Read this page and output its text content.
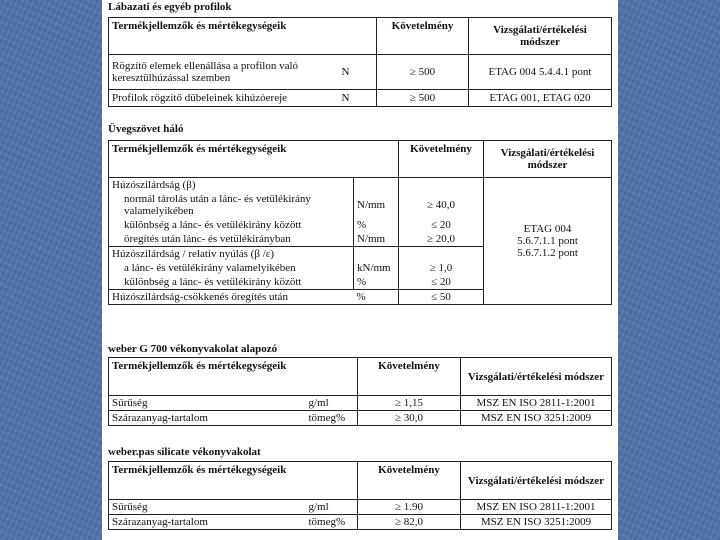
Lábazati és egyéb profilok
Termékjellemzők és mértékegységeik		Követelmény	Vizsgálati/értékelési módszer
Rögzítő elemek ellenállása a profilon való keresztülhúzással szemben	N	≥ 500	ETAG 004 5.4.4.1 pont
Profilok rögzítő dübeleinek kihúzóereje	N	≥ 500	ETAG 001, ETAG 020
Üvegszövet háló
Termékjellemzők és mértékegységeik		Követelmény	Vizsgálati/értékelési módszer
Húzószilárdság (β)			ETAG 004
5.6.7.1.1 pont
5.6.7.1.2 pont

normál tárolás után a lánc- és vetülékirány valamelyikében	N/mm	≥ 40,0	

különbség a lánc- és vetülékirány között	%	≤ 20	

öregítés után lánc- és vetülékirányban	N/mm	≥ 20,0	
Húzószilárdság / relatív nyúlás (β /ε)			

a lánc- és vetülékirány valamelyikében	kN/mm	≥ 1,0	

különbség a lánc- és vetülékirány között	%	≤ 20	
Húzószilárdság-csökkenés öregítés után	%	≤ 50	
weber G 700 vékonyvakolat alapozó
Termékjellemzők és mértékegységeik		Követelmény	Vizsgálati/értékelési módszer
Sűrűség	g/ml	≥ 1,15	MSZ EN ISO 2811-1:2001
Szárazanyag-tartalom	tömeg%	≥ 30,0	MSZ EN ISO 3251:2009
weber.pas silicate vékonyvakolat
Termékjellemzők és mértékegységeik		Követelmény	Vizsgálati/értékelési módszer
Sűrűség	g/ml	≥ 1.90	MSZ EN ISO 2811-1:2001
Szárazanyag-tartalom	tömeg%	≥ 82,0	MSZ EN ISO 3251:2009
